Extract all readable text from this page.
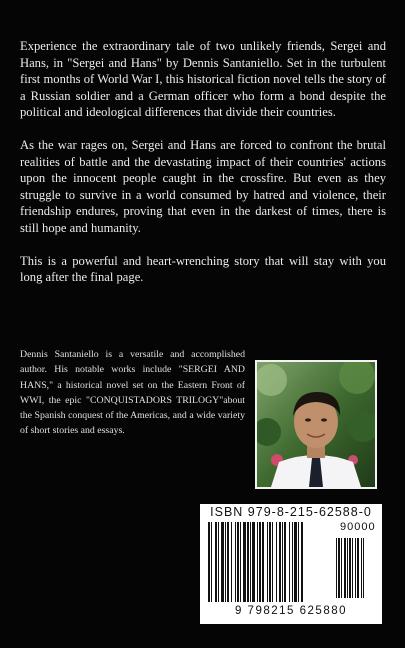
Experience the extraordinary tale of two unlikely friends, Sergei and Hans, in "Sergei and Hans" by Dennis Santaniello. Set in the turbulent first months of World War I, this historical fiction novel tells the story of a Russian soldier and a German officer who form a bond despite the political and ideological differences that divide their countries.

As the war rages on, Sergei and Hans are forced to confront the brutal realities of battle and the devastating impact of their countries' actions upon the innocent people caught in the crossfire. But even as they struggle to survive in a world consumed by hatred and violence, their friendship endures, proving that even in the darkest of times, there is still hope and humanity.

This is a powerful and heart-wrenching story that will stay with you long after the final page.

Dennis Santaniello is a versatile and accomplished author. His notable works include "SERGEI AND HANS," a historical novel set on the Eastern Front of WWI, the epic "CONQUISTADORS TRILOGY"about the Spanish conquest of the Americas, and a wide variety of short stories and essays.
ISBN 979-8-215-62588-0
90000
9 798215 625880
